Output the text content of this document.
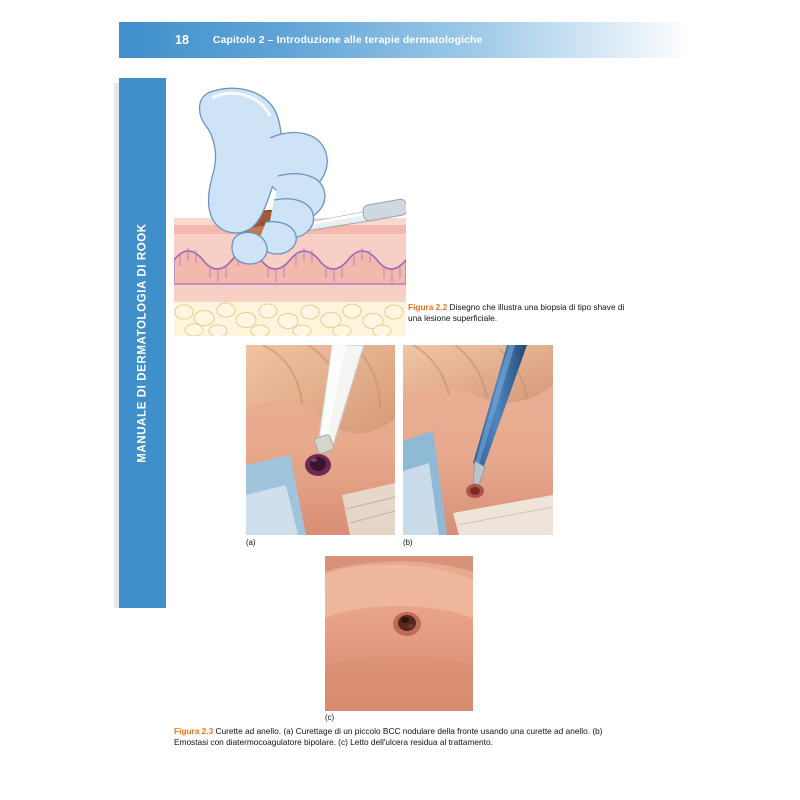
18 Capitolo 2 – Introduzione alle terapie dermatologiche
MANUALE DI DERMATOLOGIA DI ROOK	Figura 2.2 Disegno che illustra una biopsia di tipo shave di una lesione superficiale.
(a)	(b)
(c)
Figura 2.3 Curette ad anello. (a) Curettage di un piccolo BCC nodulare della fronte usando una curette ad anello. (b) Emostasi con diatermocoagulatore bipolare. (c) Letto dell'ulcera residua al trattamento.
